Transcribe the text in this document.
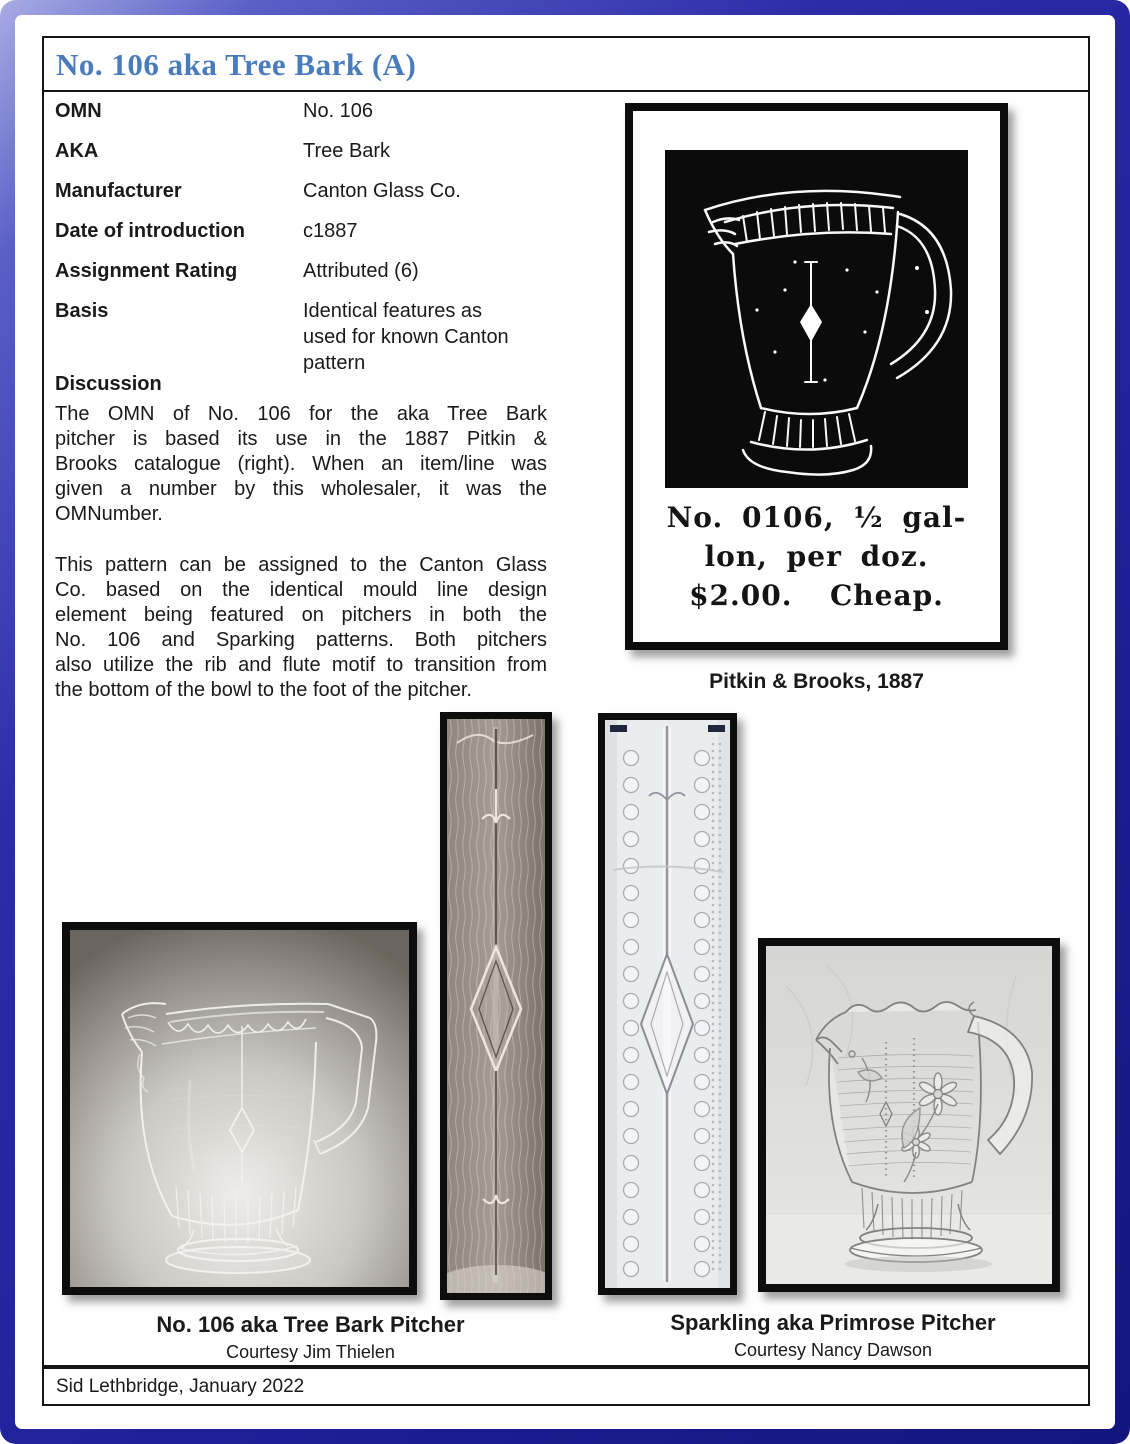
No. 106 aka Tree Bark (A)
OMN	No. 106
AKA	Tree Bark
Manufacturer	Canton Glass Co.
Date of introduction	c1887
Assignment Rating	Attributed (6)
Basis	Identical features as used for known Canton pattern
Discussion
The OMN of No. 106 for the aka Tree Bark
pitcher is based its use in the 1887 Pitkin &
Brooks catalogue (right). When an item/line was
given a number by this wholesaler, it was the
OMNumber.
This pattern can be assigned to the Canton Glass
Co. based on the identical mould line design
element being featured on pitchers in both the
No. 106 and Sparking patterns. Both pitchers
also utilize the rib and flute motif to transition from
the bottom of the bowl to the foot of the pitcher.
No. 0106, ½ gal-
lon, per doz.
$2.00.  Cheap.
Pitkin & Brooks, 1887
No. 106 aka Tree Bark Pitcher
Courtesy Jim Thielen
Sparkling aka Primrose Pitcher
Courtesy Nancy Dawson
Sid Lethbridge, January 2022
